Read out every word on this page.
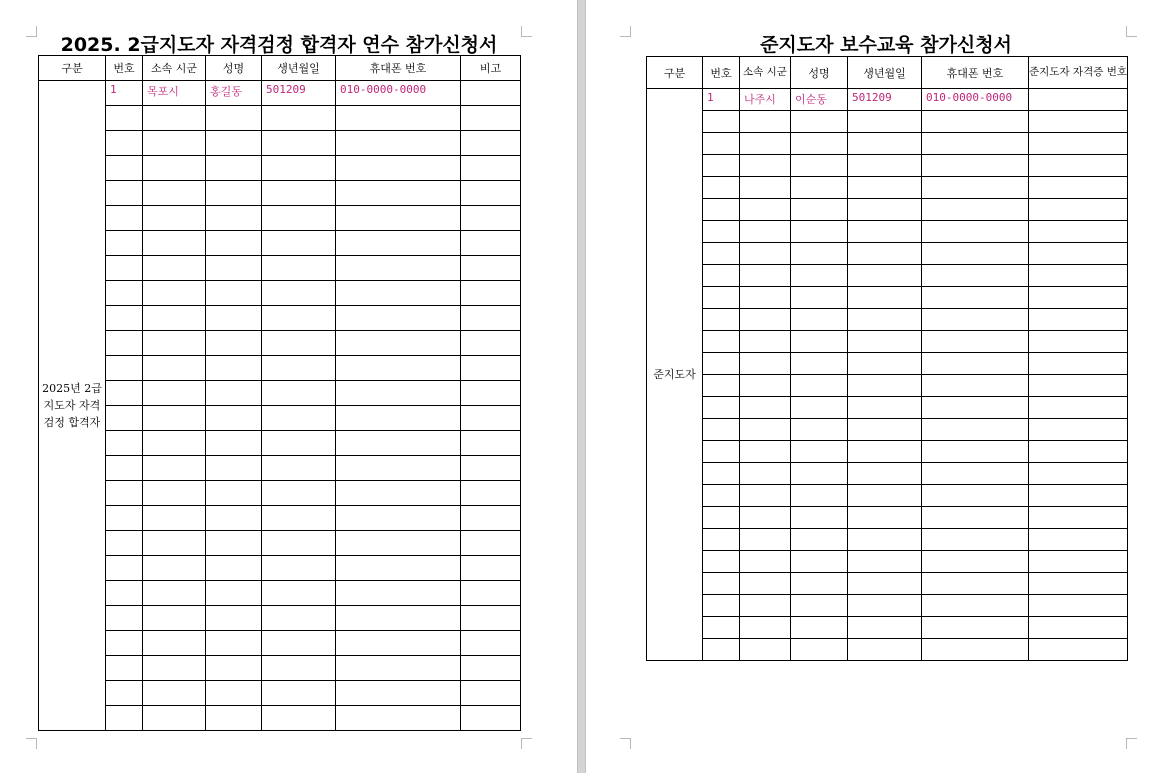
2025. 2급지도자 자격검정 합격자 연수 참가신청서	준지도자 보수교육 참가신청서
구분	번호	소속 시군	성명	생년월일	휴대폰 번호	비고
2025년 2급지도자 자격검정 합격자	1	목포시	홍길동	501209	010-0000-0000	

구분	번호	소속 시군	성명	생년월일	휴대폰 번호	준지도자 자격증 번호
준지도자	1	나주시	이순동	501209	010-0000-0000	
